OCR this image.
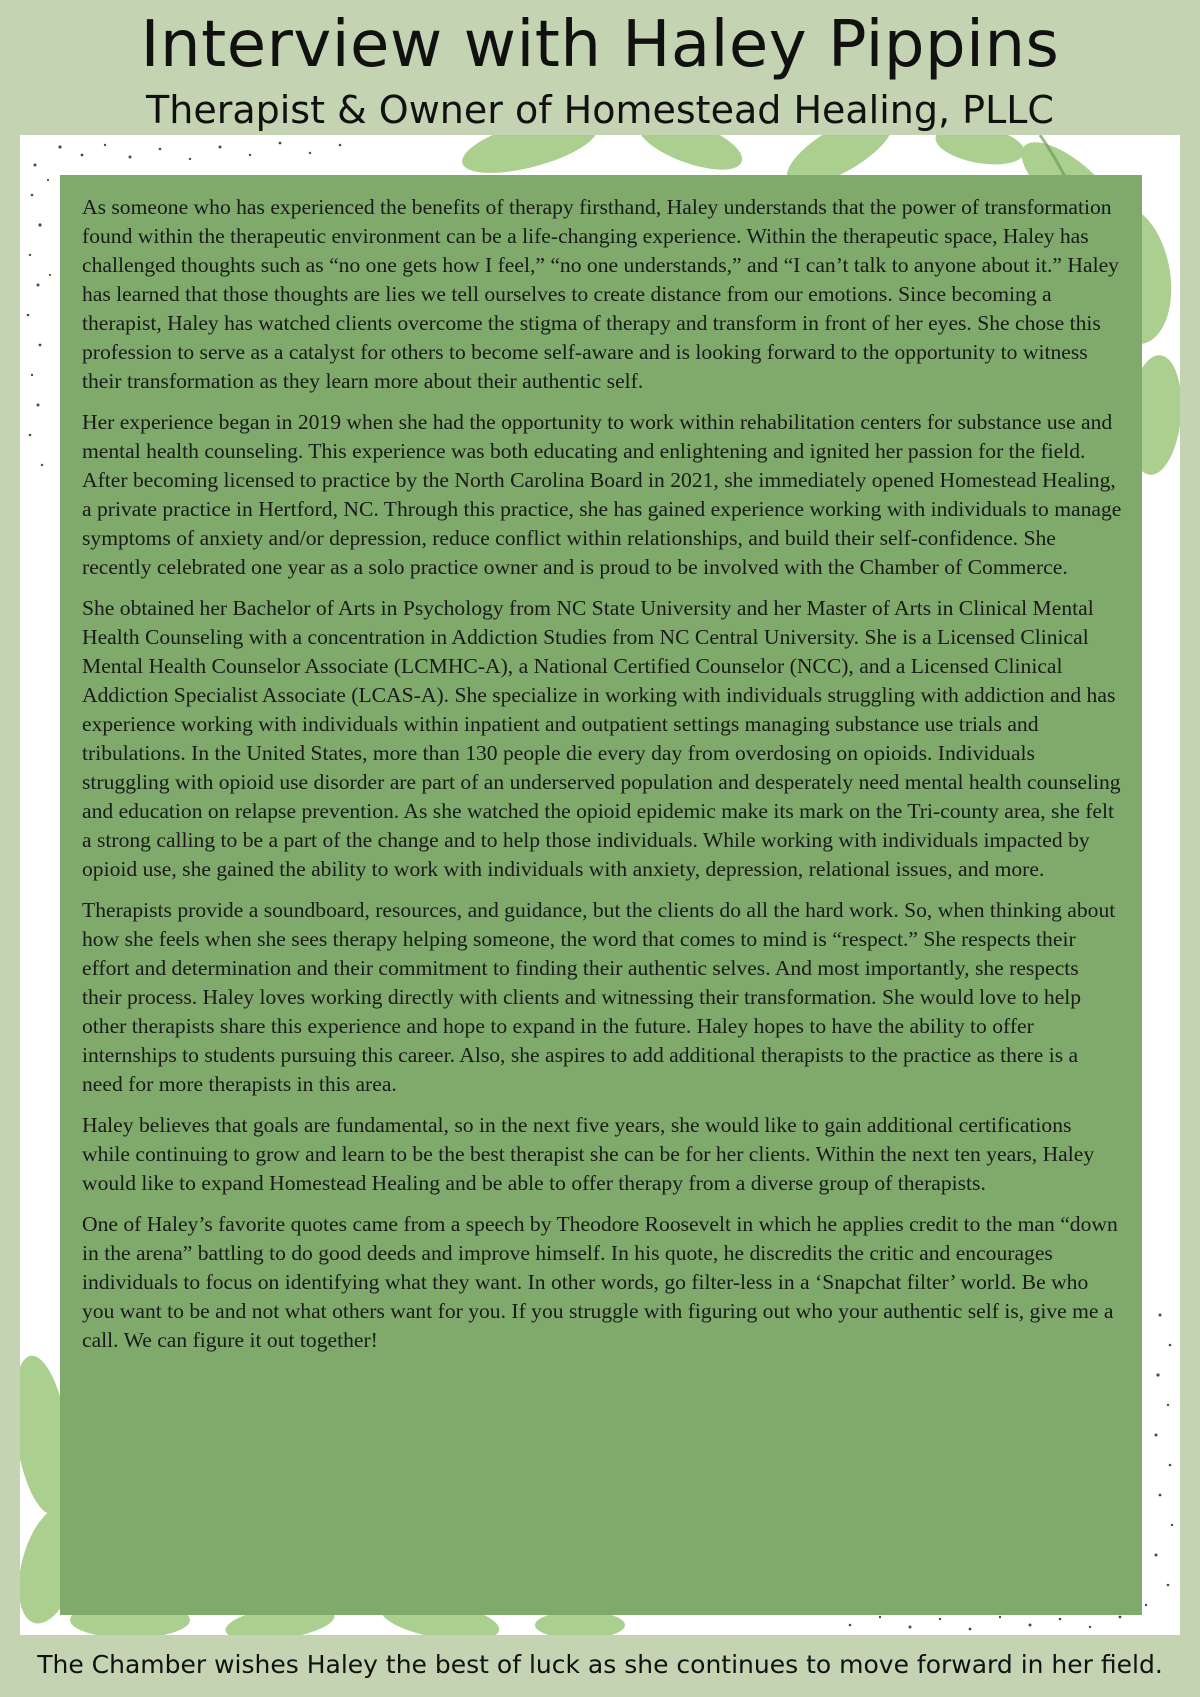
Interview with Haley Pippins
Therapist & Owner of Homestead Healing, PLLC

As someone who has experienced the benefits of therapy firsthand, Haley understands that the power of transformation found within the therapeutic environment can be a life-changing experience. Within the therapeutic space, Haley has challenged thoughts such as “no one gets how I feel,” “no one understands,” and “I can’t talk to anyone about it.” Haley has learned that those thoughts are lies we tell ourselves to create distance from our emotions. Since becoming a therapist, Haley has watched clients overcome the stigma of therapy and transform in front of her eyes. She chose this profession to serve as a catalyst for others to become self-aware and is looking forward to the opportunity to witness their transformation as they learn more about their authentic self.

Her experience began in 2019 when she had the opportunity to work within rehabilitation centers for substance use and mental health counseling. This experience was both educating and enlightening and ignited her passion for the field. After becoming licensed to practice by the North Carolina Board in 2021, she immediately opened Homestead Healing, a private practice in Hertford, NC. Through this practice, she has gained experience working with individuals to manage symptoms of anxiety and/or depression, reduce conflict within relationships, and build their self-confidence. She recently celebrated one year as a solo practice owner and is proud to be involved with the Chamber of Commerce.

She obtained her Bachelor of Arts in Psychology from NC State University and her Master of Arts in Clinical Mental Health Counseling with a concentration in Addiction Studies from NC Central University. She is a Licensed Clinical Mental Health Counselor Associate (LCMHC-A), a National Certified Counselor (NCC), and a Licensed Clinical Addiction Specialist Associate (LCAS-A). She specialize in working with individuals struggling with addiction and has experience working with individuals within inpatient and outpatient settings managing substance use trials and tribulations. In the United States, more than 130 people die every day from overdosing on opioids. Individuals struggling with opioid use disorder are part of an underserved population and desperately need mental health counseling and education on relapse prevention. As she watched the opioid epidemic make its mark on the Tri-county area, she felt a strong calling to be a part of the change and to help those individuals. While working with individuals impacted by opioid use, she gained the ability to work with individuals with anxiety, depression, relational issues, and more.

Therapists provide a soundboard, resources, and guidance, but the clients do all the hard work. So, when thinking about how she feels when she sees therapy helping someone, the word that comes to mind is “respect.” She respects their effort and determination and their commitment to finding their authentic selves. And most importantly, she respects their process. Haley loves working directly with clients and witnessing their transformation. She would love to help other therapists share this experience and hope to expand in the future. Haley hopes to have the ability to offer internships to students pursuing this career. Also, she aspires to add additional therapists to the practice as there is a need for more therapists in this area.

Haley believes that goals are fundamental, so in the next five years, she would like to gain additional certifications while continuing to grow and learn to be the best therapist she can be for her clients. Within the next ten years, Haley would like to expand Homestead Healing and be able to offer therapy from a diverse group of therapists.

One of Haley’s favorite quotes came from a speech by Theodore Roosevelt in which he applies credit to the man “down in the arena” battling to do good deeds and improve himself. In his quote, he discredits the critic and encourages individuals to focus on identifying what they want. In other words, go filter-less in a ‘Snapchat filter’ world. Be who you want to be and not what others want for you. If you struggle with figuring out who your authentic self is, give me a call. We can figure it out together!

The Chamber wishes Haley the best of luck as she continues to move forward in her field.
